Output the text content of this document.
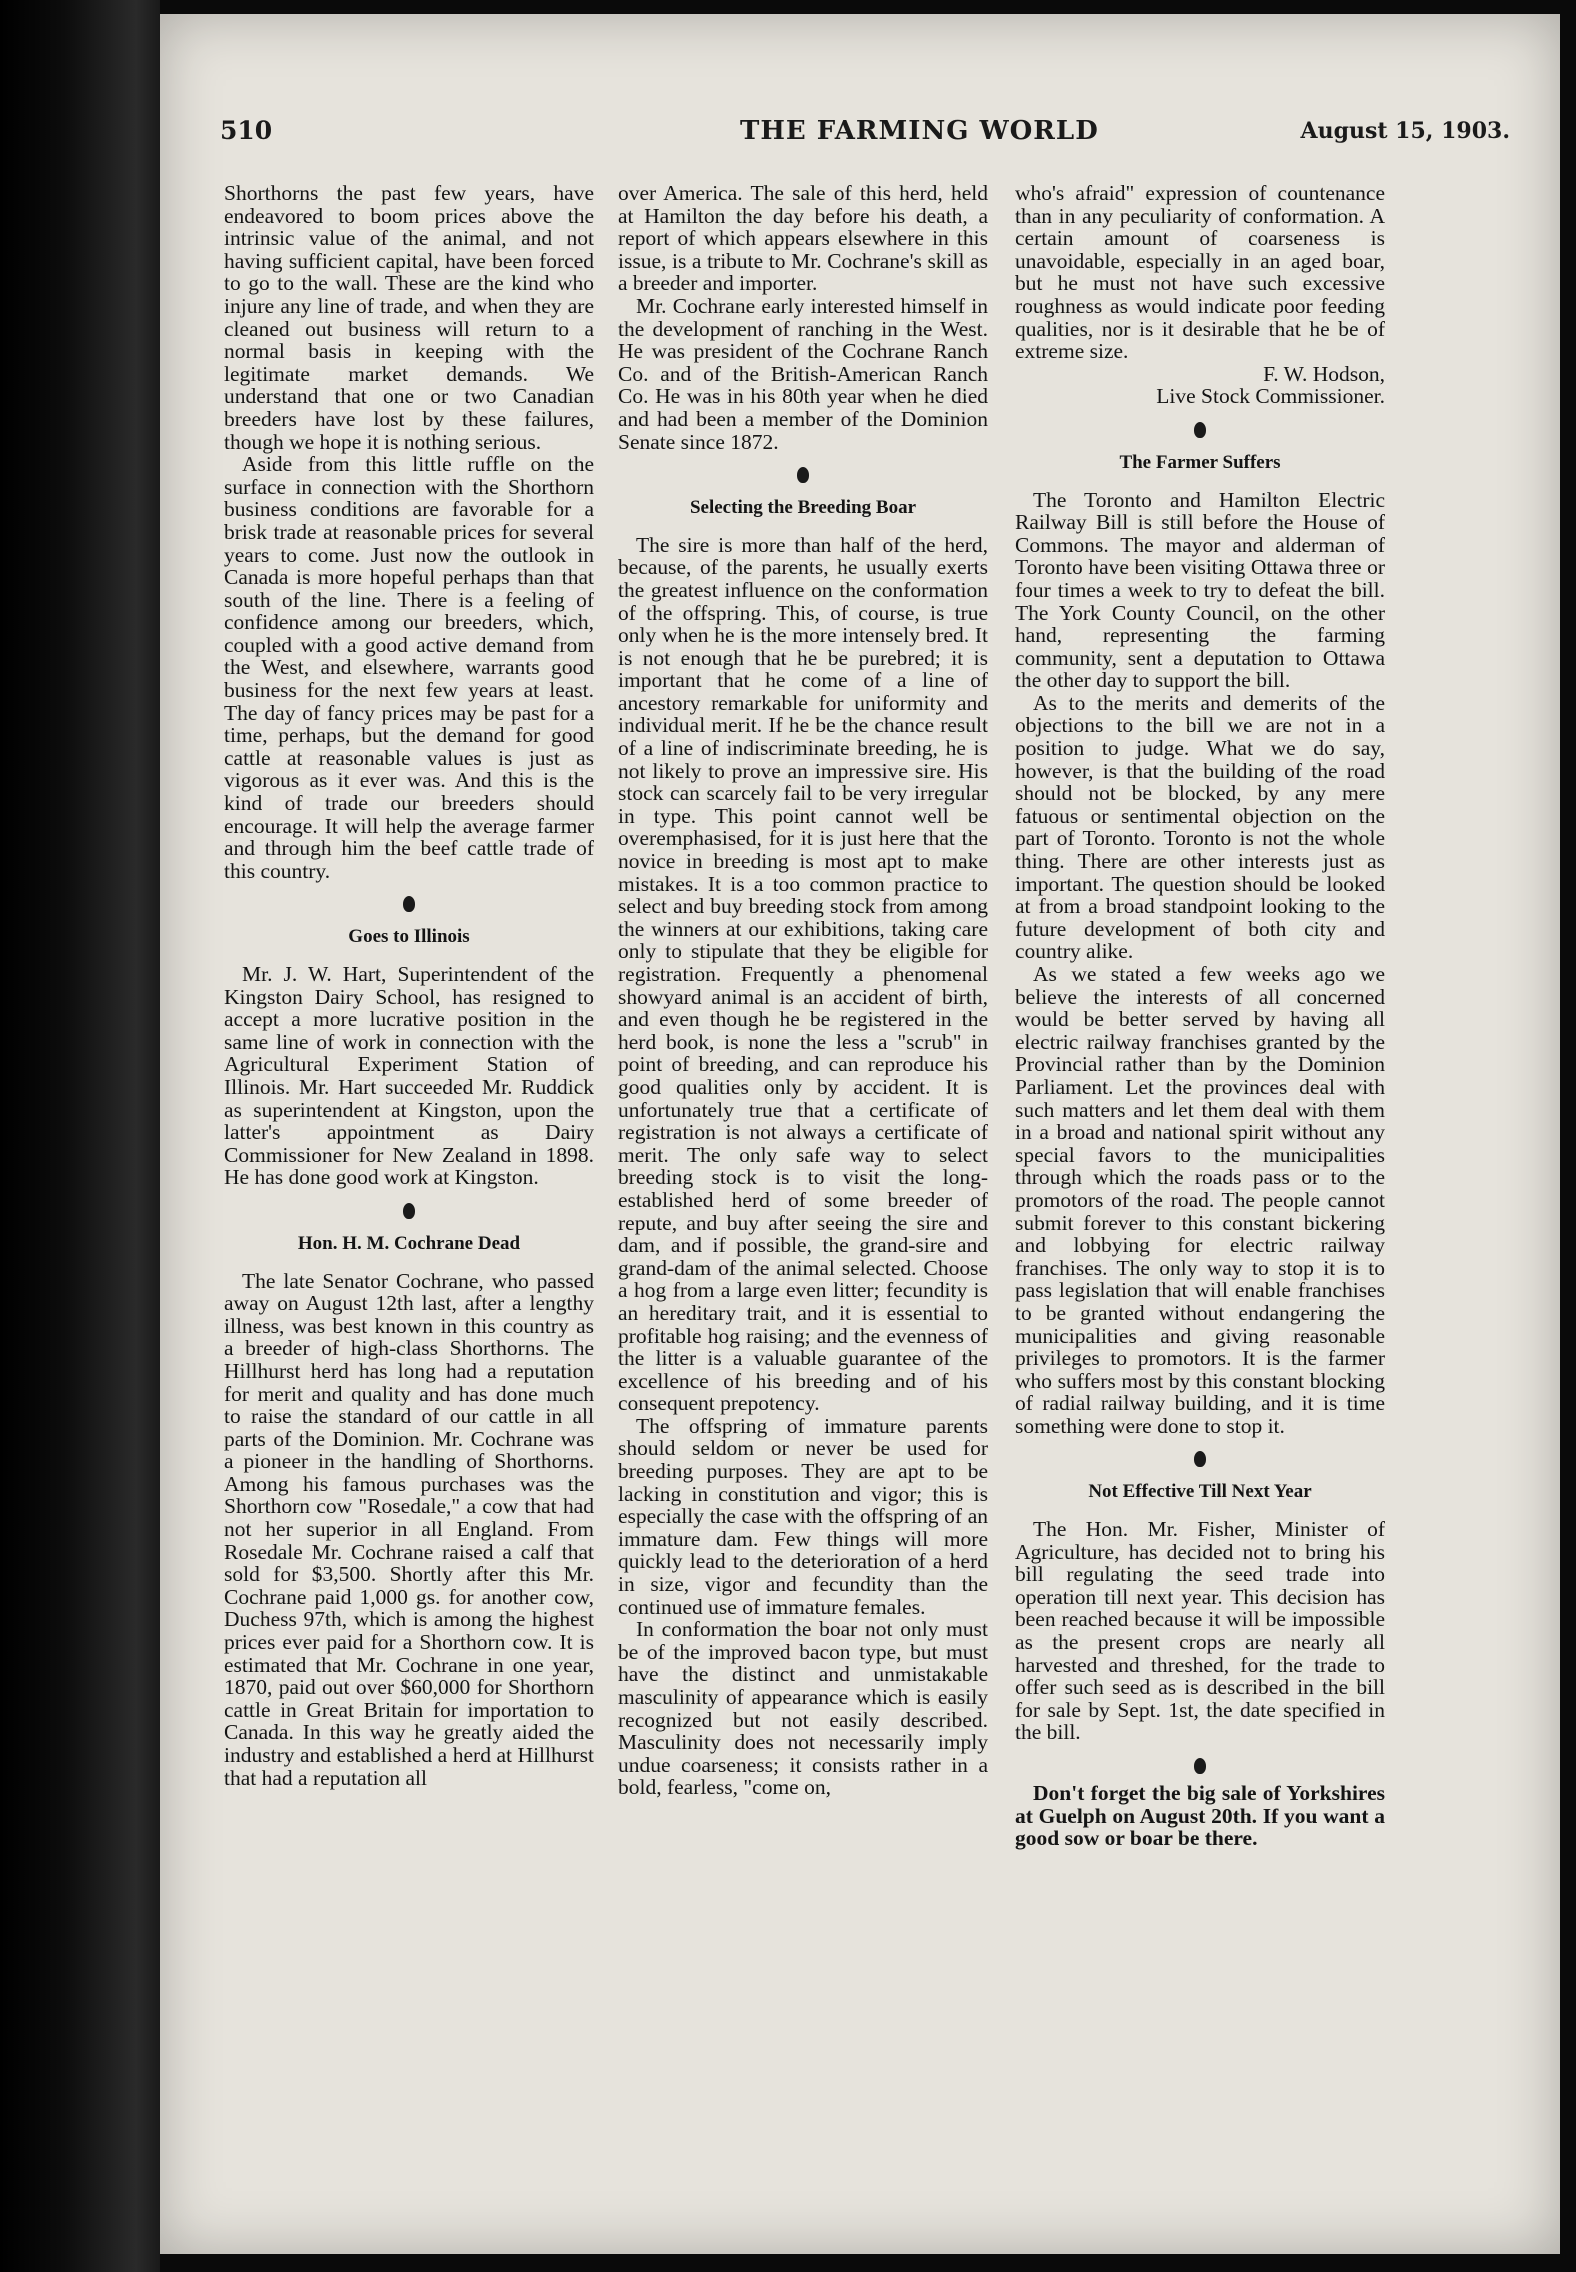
510	THE FARMING WORLD	August 15, 1903.

Shorthorns the past few years, have endeavored to boom prices above the intrinsic value of the animal, and not having sufficient capital, have been forced to go to the wall. These are the kind who injure any line of trade, and when they are cleaned out business will return to a normal basis in keeping with the legitimate market demands. We understand that one or two Canadian breeders have lost by these failures, though we hope it is nothing serious.

Aside from this little ruffle on the surface in connection with the Shorthorn business conditions are favorable for a brisk trade at reasonable prices for several years to come. Just now the outlook in Canada is more hopeful perhaps than that south of the line. There is a feeling of confidence among our breeders, which, coupled with a good active demand from the West, and elsewhere, warrants good business for the next few years at least. The day of fancy prices may be past for a time, perhaps, but the demand for good cattle at reasonable values is just as vigorous as it ever was. And this is the kind of trade our breeders should encourage. It will help the average farmer and through him the beef cattle trade of this country.

Goes to Illinois

Mr. J. W. Hart, Superintendent of the Kingston Dairy School, has resigned to accept a more lucrative position in the same line of work in connection with the Agricultural Experiment Station of Illinois. Mr. Hart succeeded Mr. Ruddick as superintendent at Kingston, upon the latter's appointment as Dairy Commissioner for New Zealand in 1898. He has done good work at Kingston.

Hon. H. M. Cochrane Dead

The late Senator Cochrane, who passed away on August 12th last, after a lengthy illness, was best known in this country as a breeder of high-class Shorthorns. The Hillhurst herd has long had a reputation for merit and quality and has done much to raise the standard of our cattle in all parts of the Dominion. Mr. Cochrane was a pioneer in the handling of Shorthorns. Among his famous purchases was the Shorthorn cow "Rosedale," a cow that had not her superior in all England. From Rosedale Mr. Cochrane raised a calf that sold for $3,500. Shortly after this Mr. Cochrane paid 1,000 gs. for another cow, Duchess 97th, which is among the highest prices ever paid for a Shorthorn cow. It is estimated that Mr. Cochrane in one year, 1870, paid out over $60,000 for Shorthorn cattle in Great Britain for importation to Canada. In this way he greatly aided the industry and established a herd at Hillhurst that had a reputation all

over America. The sale of this herd, held at Hamilton the day before his death, a report of which appears elsewhere in this issue, is a tribute to Mr. Cochrane's skill as a breeder and importer.

Mr. Cochrane early interested himself in the development of ranching in the West. He was president of the Cochrane Ranch Co. and of the British-American Ranch Co. He was in his 80th year when he died and had been a member of the Dominion Senate since 1872.

Selecting the Breeding Boar

The sire is more than half of the herd, because, of the parents, he usually exerts the greatest influence on the conformation of the offspring. This, of course, is true only when he is the more intensely bred. It is not enough that he be purebred; it is important that he come of a line of ancestory remarkable for uniformity and individual merit. If he be the chance result of a line of indiscriminate breeding, he is not likely to prove an impressive sire. His stock can scarcely fail to be very irregular in type. This point cannot well be overemphasised, for it is just here that the novice in breeding is most apt to make mistakes. It is a too common practice to select and buy breeding stock from among the winners at our exhibitions, taking care only to stipulate that they be eligible for registration. Frequently a phenomenal showyard animal is an accident of birth, and even though he be registered in the herd book, is none the less a "scrub" in point of breeding, and can reproduce his good qualities only by accident. It is unfortunately true that a certificate of registration is not always a certificate of merit. The only safe way to select breeding stock is to visit the long-established herd of some breeder of repute, and buy after seeing the sire and dam, and if possible, the grand-sire and grand-dam of the animal selected. Choose a hog from a large even litter; fecundity is an hereditary trait, and it is essential to profitable hog raising; and the evenness of the litter is a valuable guarantee of the excellence of his breeding and of his consequent prepotency.

The offspring of immature parents should seldom or never be used for breeding purposes. They are apt to be lacking in constitution and vigor; this is especially the case with the offspring of an immature dam. Few things will more quickly lead to the deterioration of a herd in size, vigor and fecundity than the continued use of immature females.

In conformation the boar not only must be of the improved bacon type, but must have the distinct and unmistakable masculinity of appearance which is easily recognized but not easily described. Masculinity does not necessarily imply undue coarseness; it consists rather in a bold, fearless, "come on,

who's afraid" expression of countenance than in any peculiarity of conformation. A certain amount of coarseness is unavoidable, especially in an aged boar, but he must not have such excessive roughness as would indicate poor feeding qualities, nor is it desirable that he be of extreme size.

F. W. Hodson,

Live Stock Commissioner.

The Farmer Suffers

The Toronto and Hamilton Electric Railway Bill is still before the House of Commons. The mayor and alderman of Toronto have been visiting Ottawa three or four times a week to try to defeat the bill. The York County Council, on the other hand, representing the farming community, sent a deputation to Ottawa the other day to support the bill.

As to the merits and demerits of the objections to the bill we are not in a position to judge. What we do say, however, is that the building of the road should not be blocked, by any mere fatuous or sentimental objection on the part of Toronto. Toronto is not the whole thing. There are other interests just as important. The question should be looked at from a broad standpoint looking to the future development of both city and country alike.

As we stated a few weeks ago we believe the interests of all concerned would be better served by having all electric railway franchises granted by the Provincial rather than by the Dominion Parliament. Let the provinces deal with such matters and let them deal with them in a broad and national spirit without any special favors to the municipalities through which the roads pass or to the promotors of the road. The people cannot submit forever to this constant bickering and lobbying for electric railway franchises. The only way to stop it is to pass legislation that will enable franchises to be granted without endangering the municipalities and giving reasonable privileges to promotors. It is the farmer who suffers most by this constant blocking of radial railway building, and it is time something were done to stop it.

Not Effective Till Next Year

The Hon. Mr. Fisher, Minister of Agriculture, has decided not to bring his bill regulating the seed trade into operation till next year. This decision has been reached because it will be impossible as the present crops are nearly all harvested and threshed, for the trade to offer such seed as is described in the bill for sale by Sept. 1st, the date specified in the bill.

Don't forget the big sale of Yorkshires at Guelph on August 20th. If you want a good sow or boar be there.
